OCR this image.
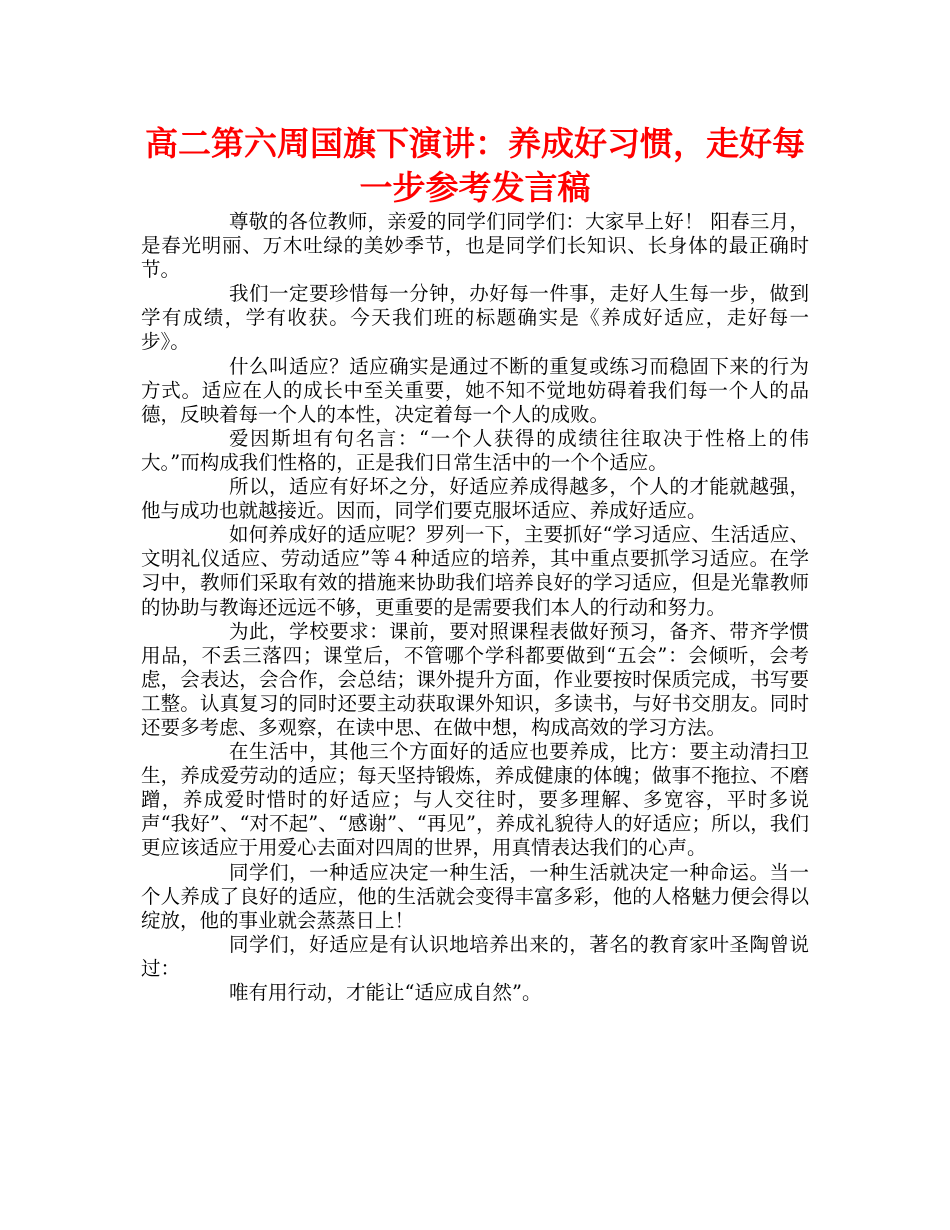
高二第六周国旗下演讲：养成好习惯，走好每一步参考发言稿

尊敬的各位教师，亲爱的同学们同学们：大家早上好！ 阳春三月，是春光明丽、万木吐绿的美妙季节，也是同学们长知识、长身体的最正确时节。

我们一定要珍惜每一分钟，办好每一件事，走好人生每一步，做到学有成绩，学有收获。今天我们班的标题确实是《养成好适应，走好每一步》。

什么叫适应？适应确实是通过不断的重复或练习而稳固下来的行为方式。适应在人的成长中至关重要，她不知不觉地妨碍着我们每一个人的品德，反映着每一个人的本性，决定着每一个人的成败。

爱因斯坦有句名言：“一个人获得的成绩往往取决于性格上的伟大。”而构成我们性格的，正是我们日常生活中的一个个适应。

所以，适应有好坏之分，好适应养成得越多，个人的才能就越强，他与成功也就越接近。因而，同学们要克服坏适应、养成好适应。

如何养成好的适应呢？罗列一下，主要抓好“学习适应、生活适应、文明礼仪适应、劳动适应”等４种适应的培养，其中重点要抓学习适应。在学习中，教师们采取有效的措施来协助我们培养良好的学习适应，但是光靠教师的协助与教诲还远远不够，更重要的是需要我们本人的行动和努力。

为此，学校要求：课前，要对照课程表做好预习，备齐、带齐学惯用品，不丢三落四；课堂后，不管哪个学科都要做到“五会”：会倾听，会考虑，会表达，会合作，会总结；课外提升方面，作业要按时保质完成，书写要工整。认真复习的同时还要主动获取课外知识，多读书，与好书交朋友。同时还要多考虑、多观察，在读中思、在做中想，构成高效的学习方法。

在生活中，其他三个方面好的适应也要养成，比方：要主动清扫卫生，养成爱劳动的适应；每天坚持锻炼，养成健康的体魄；做事不拖拉、不磨蹭，养成爱时惜时的好适应；与人交往时，要多理解、多宽容，平时多说声“我好”、“对不起”、“感谢”、“再见”，养成礼貌待人的好适应；所以，我们更应该适应于用爱心去面对四周的世界，用真情表达我们的心声。

同学们，一种适应决定一种生活，一种生活就决定一种命运。当一个人养成了良好的适应，他的生活就会变得丰富多彩，他的人格魅力便会得以绽放，他的事业就会蒸蒸日上！

同学们，好适应是有认识地培养出来的，著名的教育家叶圣陶曾说过：

唯有用行动，才能让“适应成自然”。
